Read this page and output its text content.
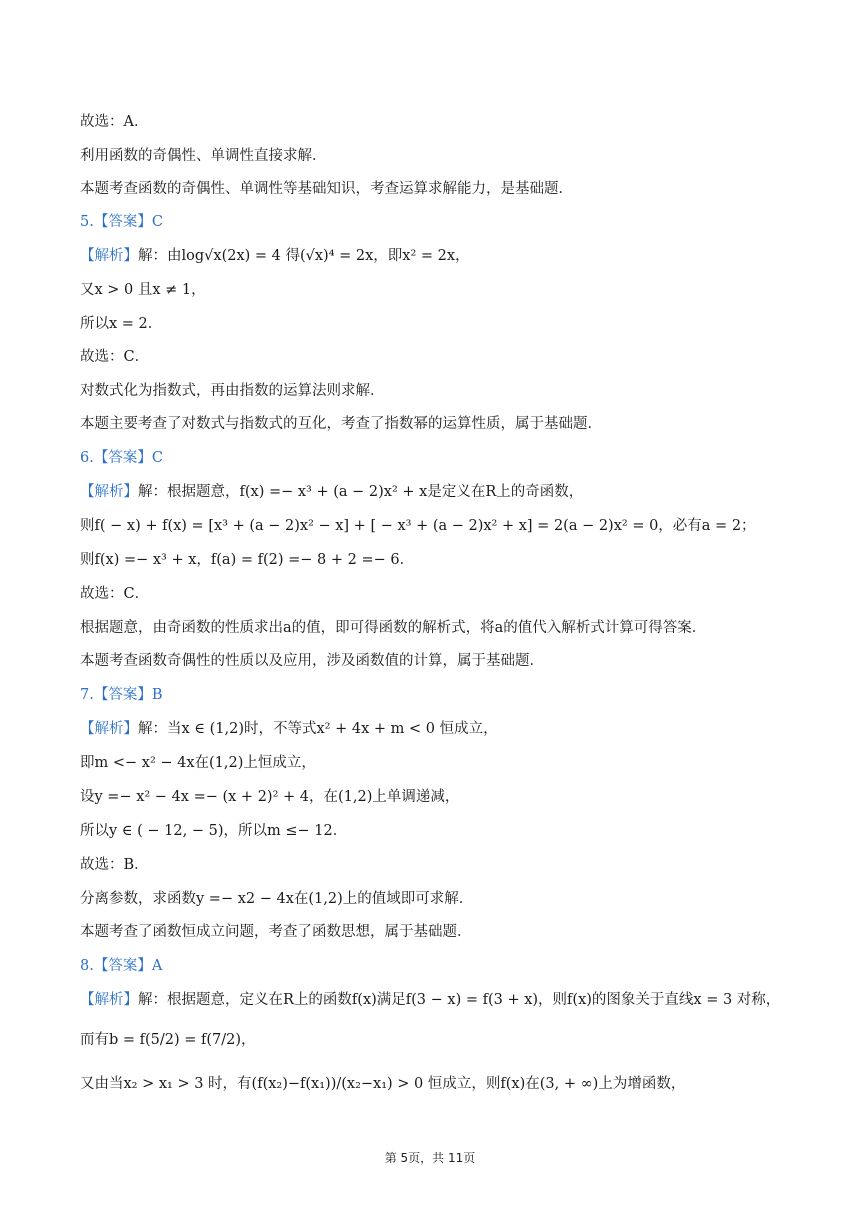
故选：A．
利用函数的奇偶性、单调性直接求解．
本题考查函数的奇偶性、单调性等基础知识，考查运算求解能力，是基础题．
5.【答案】C
【解析】解：由log√x(2x) = 4 得(√x)⁴ = 2x，即x² = 2x，
又x > 0 且x ≠ 1，
所以x = 2．
故选：C．
对数式化为指数式，再由指数的运算法则求解．
本题主要考查了对数式与指数式的互化，考查了指数幂的运算性质，属于基础题．
6.【答案】C
【解析】解：根据题意，f(x) =− x³ + (a − 2)x² + x是定义在R上的奇函数，
则f( − x) + f(x) = [x³ + (a − 2)x² − x] + [ − x³ + (a − 2)x² + x] = 2(a − 2)x² = 0，必有a = 2；
则f(x) =− x³ + x，f(a) = f(2) =− 8 + 2 =− 6．
故选：C．
根据题意，由奇函数的性质求出a的值，即可得函数的解析式，将a的值代入解析式计算可得答案．
本题考查函数奇偶性的性质以及应用，涉及函数值的计算，属于基础题．
7.【答案】B
【解析】解：当x ∈ (1,2)时，不等式x² + 4x + m < 0 恒成立，
即m <− x² − 4x在(1,2)上恒成立，
设y =− x² − 4x =− (x + 2)² + 4，在(1,2)上单调递减，
所以y ∈ ( − 12, − 5)，所以m ≤− 12．
故选：B．
分离参数，求函数y =− x2 − 4x在(1,2)上的值域即可求解．
本题考查了函数恒成立问题，考查了函数思想，属于基础题．
8.【答案】A
【解析】解：根据题意，定义在R上的函数f(x)满足f(3 − x) = f(3 + x)，则f(x)的图象关于直线x = 3 对称，
而有b = f(5/2) = f(7/2)，
又由当x₂ > x₁ > 3 时，有(f(x₂)−f(x₁))/(x₂−x₁) > 0 恒成立，则f(x)在(3, + ∞)上为增函数，
第 5页，共 11页
